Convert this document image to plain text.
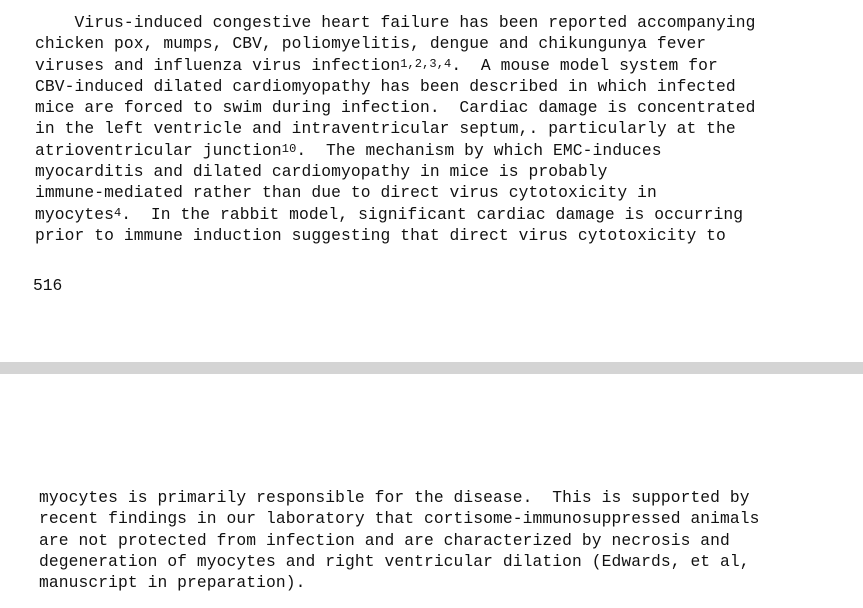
Virus-induced congestive heart failure has been reported accompanying
chicken pox, mumps, CBV, poliomyelitis, dengue and chikungunya fever
viruses and influenza virus infection$^{1,2,3,4}$.  A mouse model system for
CBV-induced dilated cardiomyopathy has been described in which infected
mice are forced to swim during infection.  Cardiac damage is concentrated
in the left ventricle and intraventricular septum,. particularly at the
atrioventricular junction$^{10}$.  The mechanism by which EMC-induces
myocarditis and dilated cardiomyopathy in mice is probably
immune-mediated rather than due to direct virus cytotoxicity in
myocytes$^4$.  In the rabbit model, significant cardiac damage is occurring
prior to immune induction suggesting that direct virus cytotoxicity to
516
myocytes is primarily responsible for the disease.  This is supported by
recent findings in our laboratory that cortisome-immunosuppressed animals
are not protected from infection and are characterized by necrosis and
degeneration of myocytes and right ventricular dilation (Edwards, et al,
manuscript in preparation).
